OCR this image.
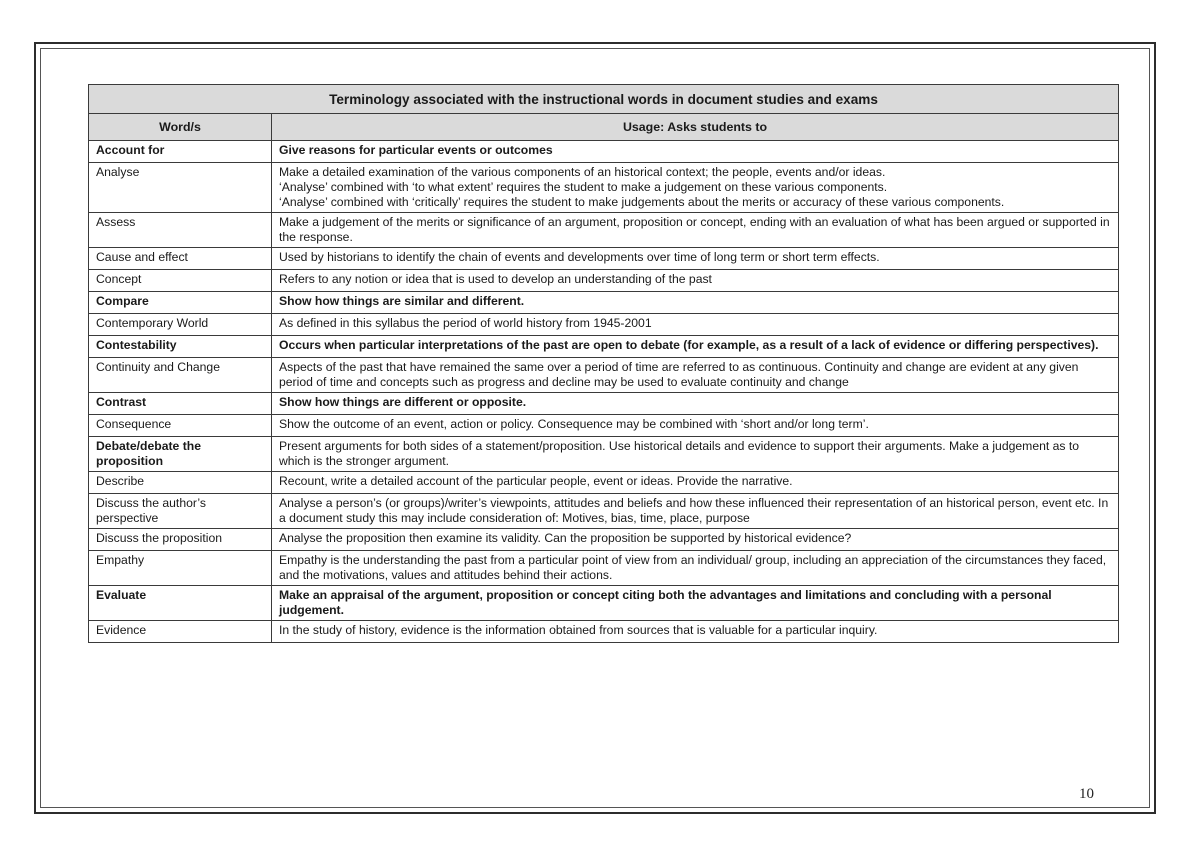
Terminology associated with the instructional words in document studies and exams	
Word/s	Usage: Asks students to
Account for	Give reasons for particular events or outcomes

Analyse	Make a detailed examination of the various components of an historical context; the people, events and/or ideas.
‘Analyse’ combined with ‘to what extent’ requires the student to make a judgement on these various components.
‘Analyse’ combined with ‘critically’ requires the student to make judgements about the merits or accuracy of these various components.

Assess	Make a judgement of the merits or significance of an argument, proposition or concept, ending with an evaluation of what has been argued or supported in the response.

Cause and effect	Used by historians to identify the chain of events and developments over time of long term or short term effects.

Concept	Refers to any notion or idea that is used to develop an understanding of the past

Compare	Show how things are similar and different.

Contemporary World	As defined in this syllabus the period of world history from 1945-2001

Contestability	Occurs when particular interpretations of the past are open to debate (for example, as a result of a lack of evidence or differing perspectives).

Continuity and Change	Aspects of the past that have remained the same over a period of time are referred to as continuous. Continuity and change are evident at any given period of time and concepts such as progress and decline may be used to evaluate continuity and change

Contrast	Show how things are different or opposite.

Consequence	Show the outcome of an event, action or policy. Consequence may be combined with ‘short and/or long term’.

Debate/debate the proposition	Present arguments for both sides of a statement/proposition. Use historical details and evidence to support their arguments. Make a judgement as to which is the stronger argument.

Describe	Recount, write a detailed account of the particular people, event or ideas. Provide the narrative.

Discuss the author’s perspective	Analyse a person’s (or groups)/writer’s viewpoints, attitudes and beliefs and how these influenced their representation of an historical person, event etc. In a document study this may include consideration of: Motives, bias, time, place, purpose

Discuss the proposition	Analyse the proposition then examine its validity. Can the proposition be supported by historical evidence?

Empathy	Empathy is the understanding the past from a particular point of view from an individual/ group, including an appreciation of the circumstances they faced, and the motivations, values and attitudes behind their actions.

Evaluate	Make an appraisal of the argument, proposition or concept citing both the advantages and limitations and concluding with a personal judgement.

Evidence	In the study of history, evidence is the information obtained from sources that is valuable for a particular inquiry.
10
